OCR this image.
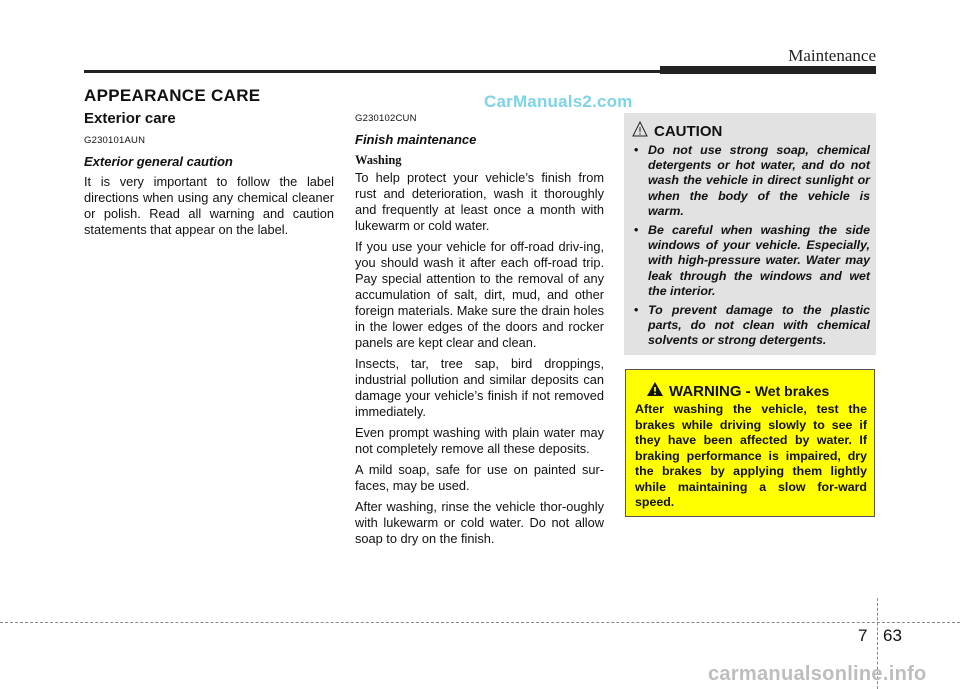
Maintenance
APPEARANCE CARE	CarManuals2.com
Exterior care
G230101AUN
Exterior general caution

It is very important to follow the label directions when using any chemical cleaner or polish. Read all warning and caution statements that appear on the label.

G230102CUN
Finish maintenance
Washing

To help protect your vehicle’s finish from rust and deterioration, wash it thoroughly and frequently at least once a month with lukewarm or cold water.

If you use your vehicle for off-road driv-ing, you should wash it after each off-road trip. Pay special attention to the removal of any accumulation of salt, dirt, mud, and other foreign materials. Make sure the drain holes in the lower edges of the doors and rocker panels are kept clear and clean.

Insects, tar, tree sap, bird droppings, industrial pollution and similar deposits can damage your vehicle’s finish if not removed immediately.

Even prompt washing with plain water may not completely remove all these deposits.

A mild soap, safe for use on painted sur-faces, may be used.

After washing, rinse the vehicle thor-oughly with lukewarm or cold water. Do not allow soap to dry on the finish.

CAUTION
• Do not use strong soap, chemical detergents or hot water, and do not wash the vehicle in direct sunlight or when the body of the vehicle is warm.
• Be careful when washing the side windows of your vehicle. Especially, with high-pressure water. Water may leak through the windows and wet the interior.
• To prevent damage to the plastic parts, do not clean with chemical solvents or strong detergents.
WARNING -
Wet brakes

After washing the vehicle, test the brakes while driving slowly to see if they have been affected by water. If braking performance is impaired, dry the brakes by applying them lightly while maintaining a slow for-ward speed.

7 63
carmanualsonline.info
